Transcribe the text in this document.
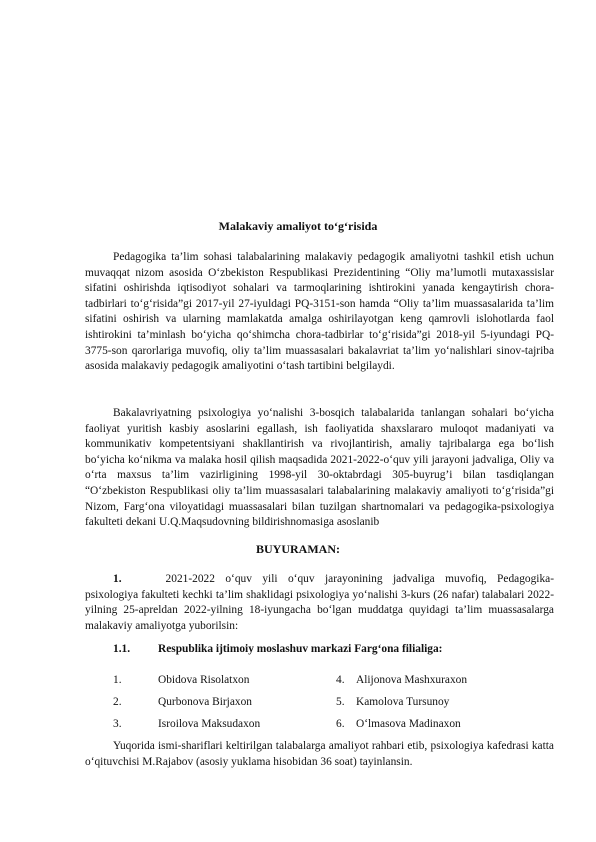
Malakaviy amaliyot to‘g‘risida

Pedagogika ta’lim sohasi talabalarining malakaviy pedagogik amaliyotni tashkil etish uchun muvaqqat nizom asosida O‘zbekiston Respublikasi Prezidentining “Oliy ma’lumotli mutaxassislar sifatini oshirishda iqtisodiyot sohalari va tarmoqlarining ishtirokini yanada kengaytirish chora-tadbirlari to‘g‘risida”gi 2017-yil 27-iyuldagi PQ-3151-son hamda “Oliy ta’lim muassasalarida ta’lim sifatini oshirish va ularning mamlakatda amalga oshirilayotgan keng qamrovli islohotlarda faol ishtirokini ta’minlash bo‘yicha qo‘shimcha chora-tadbirlar to‘g‘risida”gi 2018-yil 5-iyundagi PQ-3775-son qarorlariga muvofiq, oliy ta’lim muassasalari bakalavriat ta’lim yo‘nalishlari sinov-tajriba asosida malakaviy pedagogik amaliyotini o‘tash tartibini belgilaydi.

Bakalavriyatning psixologiya yo‘nalishi 3-bosqich talabalarida tanlangan sohalari bo‘yicha faoliyat yuritish kasbiy asoslarini egallash, ish faoliyatida shaxslararo muloqot madaniyati va kommunikativ kompetentsiyani shakllantirish va rivojlantirish, amaliy tajribalarga ega bo‘lish bo‘yicha ko‘nikma va malaka hosil qilish maqsadida 2021-2022-o‘quv yili jarayoni jadvaliga, Oliy va o‘rta maxsus ta’lim vazirligining 1998-yil 30-oktabrdagi 305-buyrug’i bilan tasdiqlangan “O‘zbekiston Respublikasi oliy ta’lim muassasalari talabalarining malakaviy amaliyoti to‘g‘risida”gi Nizom, Farg‘ona viloyatidagi muassasalari bilan tuzilgan shartnomalari va pedagogika-psixologiya fakulteti dekani U.Q.Maqsudovning bildirishnomasiga asoslanib

BUYURAMAN:

1.	2021-2022 o‘quv yili o‘quv jarayonining jadvaliga muvofiq, Pedagogika-psixologiya fakulteti kechki ta’lim shaklidagi psixologiya yo‘nalishi 3-kurs (26 nafar) talabalari 2022-yilning 25-apreldan 2022-yilning 18-iyungacha bo‘lgan muddatga quyidagi ta’lim muassasalarga malakaviy amaliyotga yuborilsin:

1.1. Respublika ijtimoiy moslashuv markazi Farg‘ona filialiga:
1.	Obidova Risolatxon	4. Alijonova Mashxuraxon
2.	Qurbonova Birjaxon	5. Kamolova Tursunoy
3.	Isroilova Maksudaxon	6. O‘lmasova Madinaxon

Yuqorida ismi-shariflari keltirilgan talabalarga amaliyot rahbari etib, psixologiya kafedrasi katta o‘qituvchisi M.Rajabov (asosiy yuklama hisobidan 36 soat) tayinlansin.
